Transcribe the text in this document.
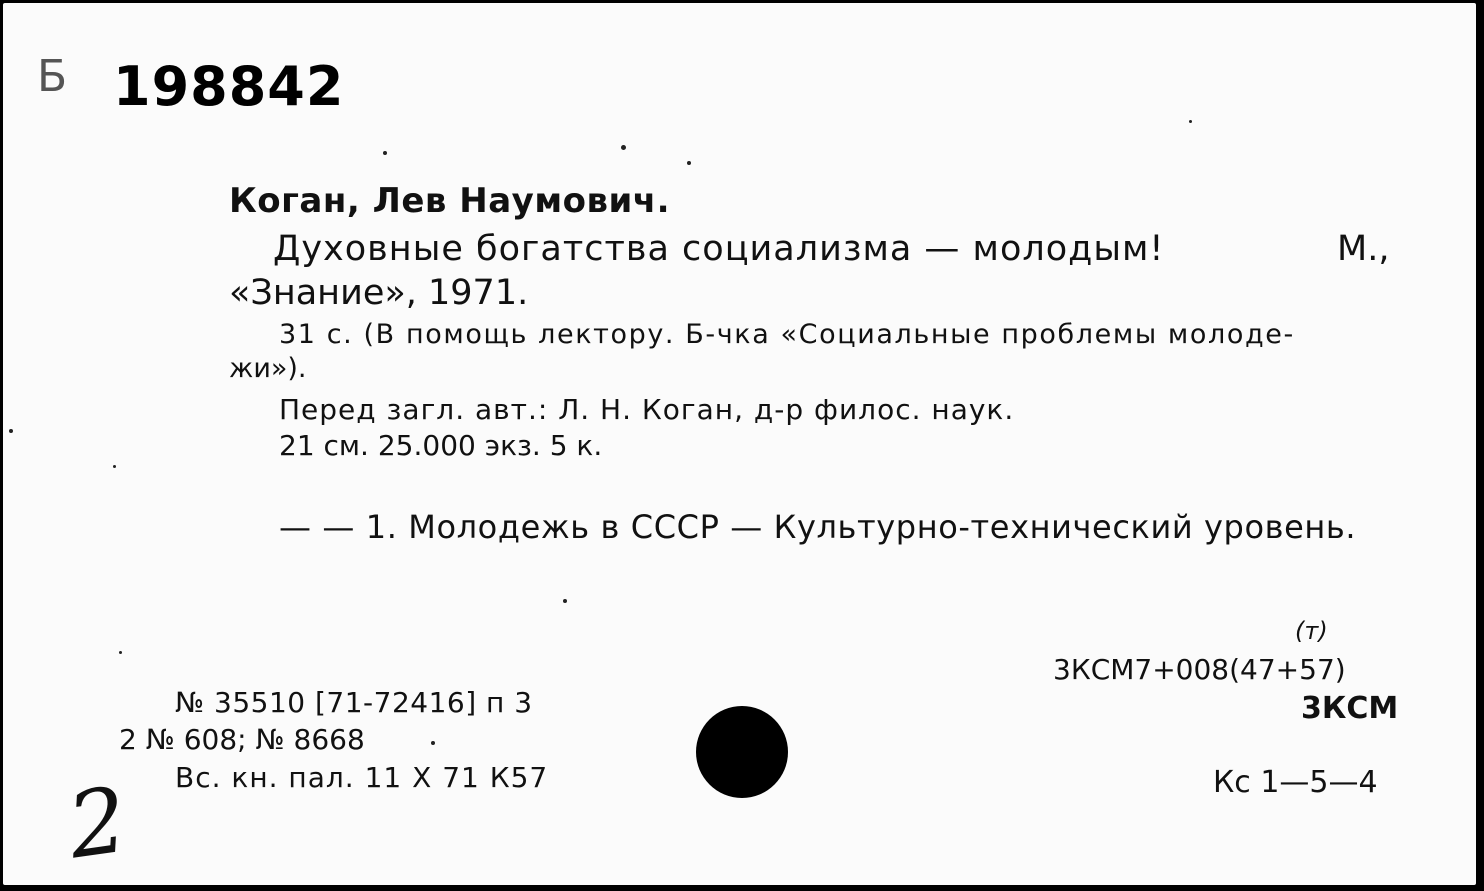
Б 198842
Коган, Лев Наумович.
Духовные богатства социализма — молодым!	М.,
«Знание», 1971.
31 с. (В помощь лектору. Б-чка «Социальные проблемы молоде-
жи»).
Перед загл. авт.: Л. Н. Коган, д-р филос. наук.
21 см. 25.000 экз. 5 к.
— — 1. Молодежь в СССР — Культурно-технический уровень.
(т)
3КСМ7+008(47+57)
3КСМ
Кс 1—5—4
№ 35510 [71-72416] п 3
2 № 608; № 8668
Вс. кн. пал. 11 X 71 К57
2
